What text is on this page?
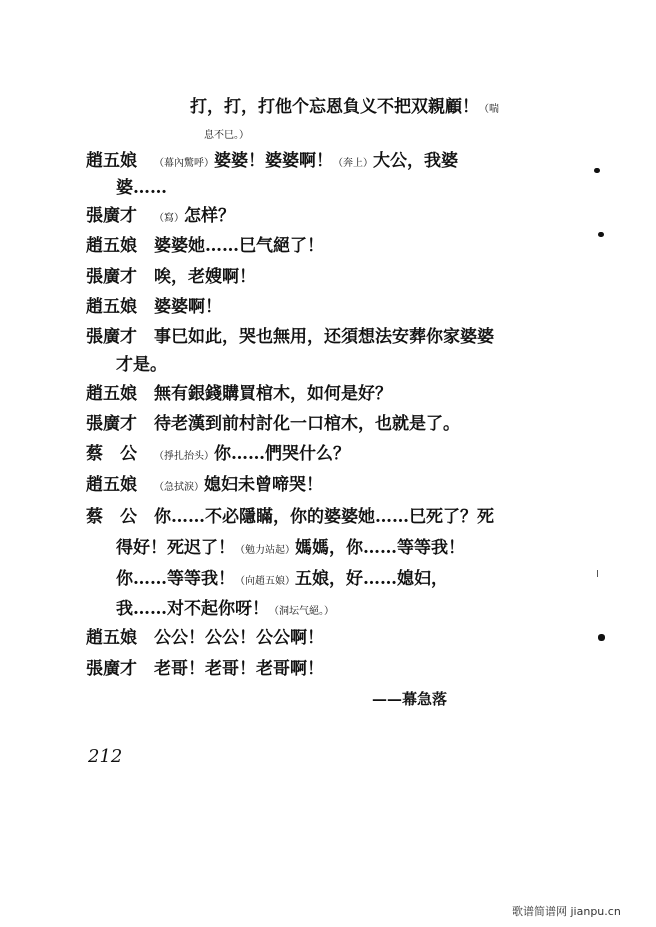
打，打，打他个忘恩負义不把双親顧！（喘
息不巳。）
趙五娘 （幕內驚呼）婆婆！婆婆啊！（奔上）大公，我婆
婆……
張廣才 （寫）怎样？
趙五娘 婆婆她……巳气絕了！
張廣才 唉，老嫂啊！
趙五娘 婆婆啊！
張廣才 事巳如此，哭也無用，还須想法安葬你家婆婆
才是。
趙五娘 無有銀錢購買棺木，如何是好？
張廣才 待老漢到前村討化一口棺木，也就是了。
蔡　公 （掙扎抬头）你……們哭什么？
趙五娘 （急拭淚）媳妇未曾啼哭！
蔡　公 你……不必隱瞞，你的婆婆她……巳死了？死
得好！死迟了！（勉力站起）媽媽，你……等等我！
你……等等我！（向趙五娘）五娘，好……媳妇，
我……对不起你呀！（洞坛气絕。）
趙五娘 公公！公公！公公啊！
張廣才 老哥！老哥！老哥啊！
——幕急落
212
歌谱简谱网 jianpu.cn
